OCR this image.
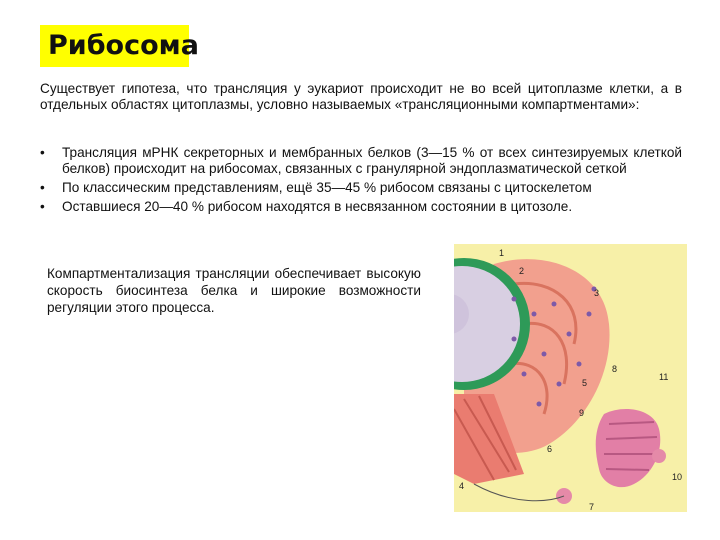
Рибосома
Существует гипотеза, что трансляция у эукариот происходит не во всей цитоплазме клетки, а в отдельных областях цитоплазмы, условно называемых «трансляционными компартментами»:
• Трансляция мРНК секреторных и мембранных белков (3—15 % от всех синтезируемых клеткой белков) происходит на рибосомах, связанных с гранулярной эндоплазматической сеткой
• По классическим представлениям, ещё 35—45 % рибосом связаны с цитоскелетом
• Оставшиеся 20—40 % рибосом находятся в несвязанном состоянии в цитозоле.
Компартментализация трансляции обеспечивает высокую скорость биосинтеза белка и широкие возможности регуляции этого процесса.
1
2
3
4
5
6
7
8
9
10
11
